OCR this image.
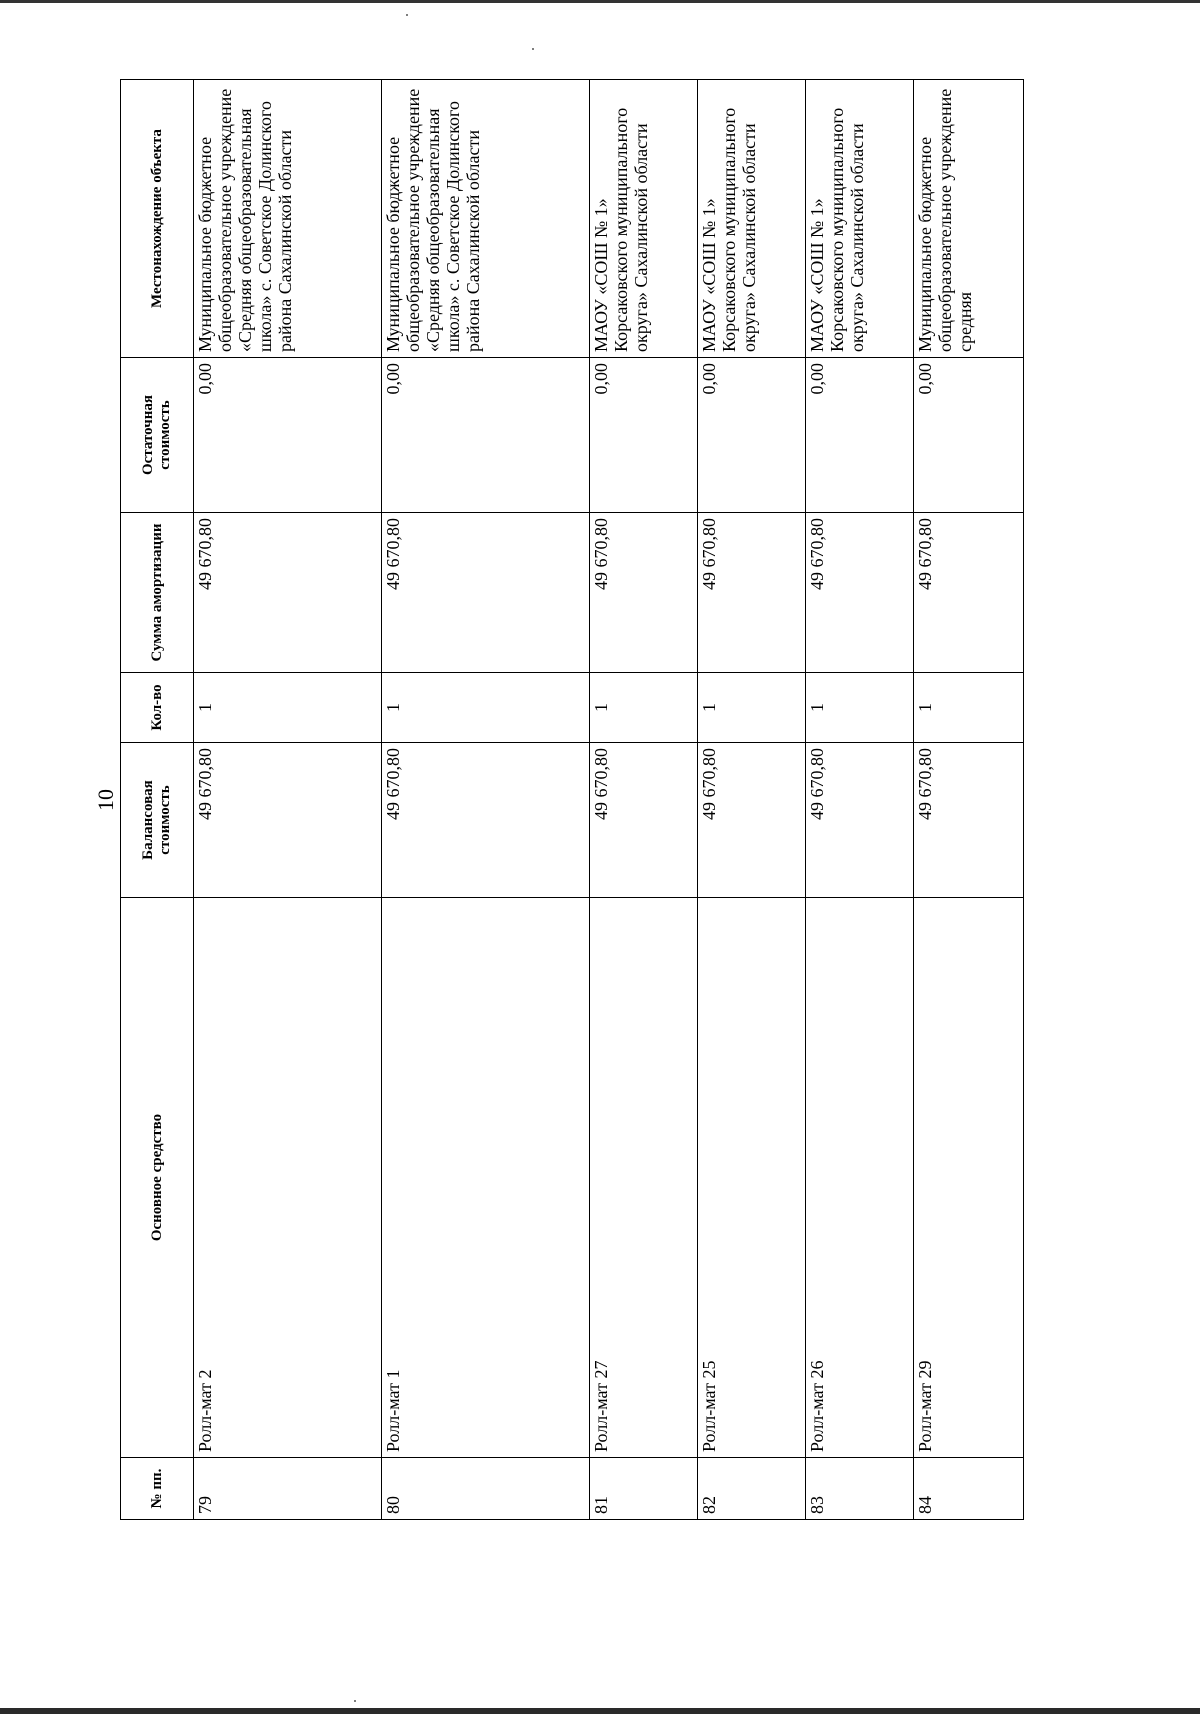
10
№ пп.	Основное средство	Балансовая стоимость	Кол-во	Сумма амортизации	Остаточная стоимость	Местонахождение объекта
79	Ролл-мат 2	49 670,80	1	49 670,80	0,00	Муниципальное бюджетное общеобразовательное учреждение «Средняя общеобразовательная школа» с. Советское Долинского района Сахалинской области
80	Ролл-мат 1	49 670,80	1	49 670,80	0,00	Муниципальное бюджетное общеобразовательное учреждение «Средняя общеобразовательная школа» с. Советское Долинского района Сахалинской области
81	Ролл-мат 27	49 670,80	1	49 670,80	0,00	МАОУ «СОШ № 1» Корсаковского муниципального округа» Сахалинской области
82	Ролл-мат 25	49 670,80	1	49 670,80	0,00	МАОУ «СОШ № 1» Корсаковского муниципального округа» Сахалинской области
83	Ролл-мат 26	49 670,80	1	49 670,80	0,00	МАОУ «СОШ № 1» Корсаковского муниципального округа» Сахалинской области
84	Ролл-мат 29	49 670,80	1	49 670,80	0,00	Муниципальное бюджетное общеобразовательное учреждение средняя
